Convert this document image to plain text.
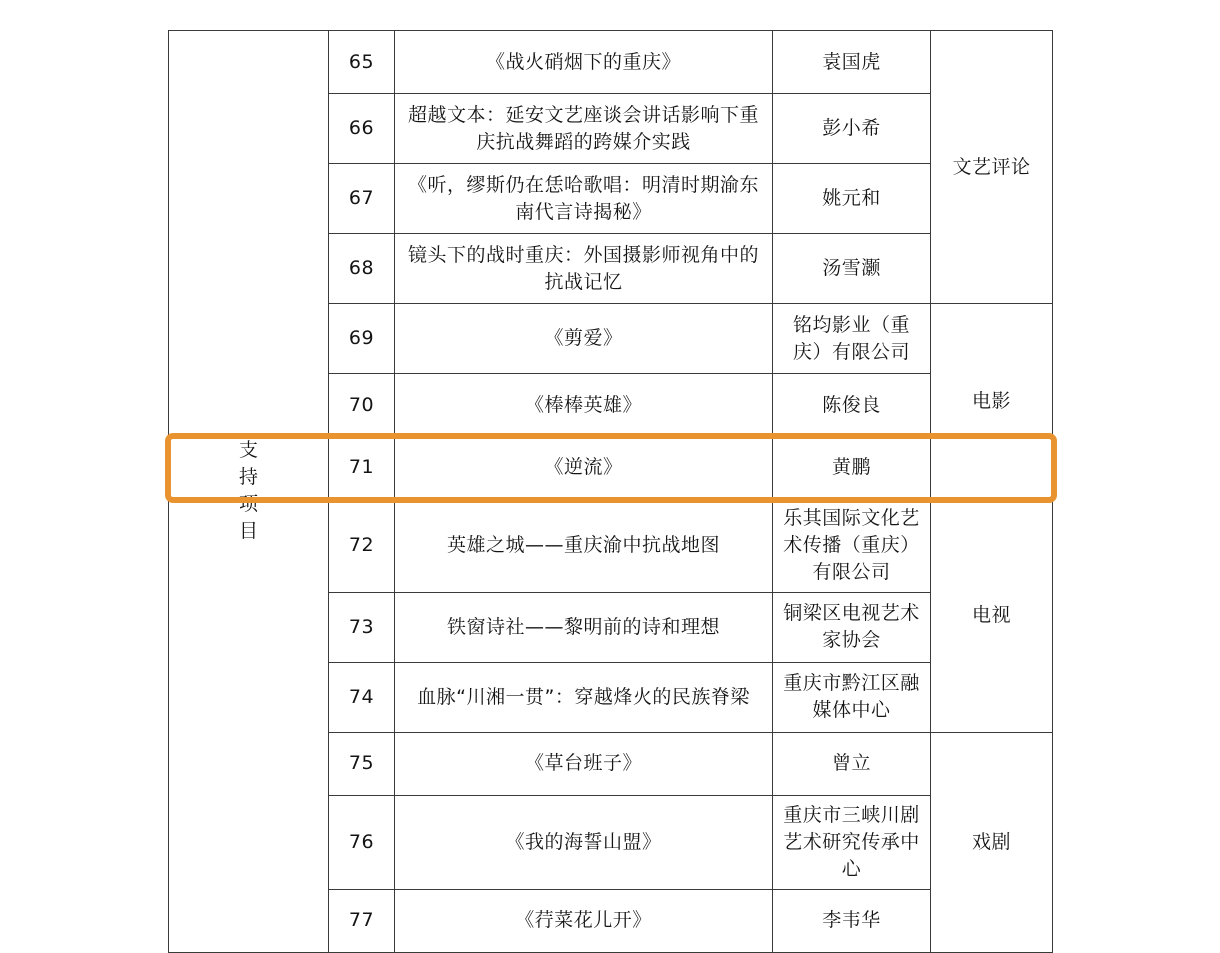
支持项目	65	《战火硝烟下的重庆》	袁国虎	文艺评论
	66	超越文本：延安文艺座谈会讲话影响下重庆抗战舞蹈的跨媒介实践	彭小希	
	67	《听，缪斯仍在恁哈歌唱：明清时期渝东南代言诗揭秘》	姚元和	
	68	镜头下的战时重庆：外国摄影师视角中的抗战记忆	汤雪灏	
	69	《剪爱》	铭均影业（重庆）有限公司	电影
	70	《棒棒英雄》	陈俊良	
	71	《逆流》	黄鹏	
	72	英雄之城——重庆渝中抗战地图	乐其国际文化艺术传播（重庆）有限公司	电视
	73	铁窗诗社——黎明前的诗和理想	铜梁区电视艺术家协会	
	74	血脉“川湘一贯”：穿越烽火的民族脊梁	重庆市黔江区融媒体中心	
	75	《草台班子》	曾立	戏剧
	76	《我的海誓山盟》	重庆市三峡川剧艺术研究传承中心	
	77	《荇菜花儿开》	李韦华	
